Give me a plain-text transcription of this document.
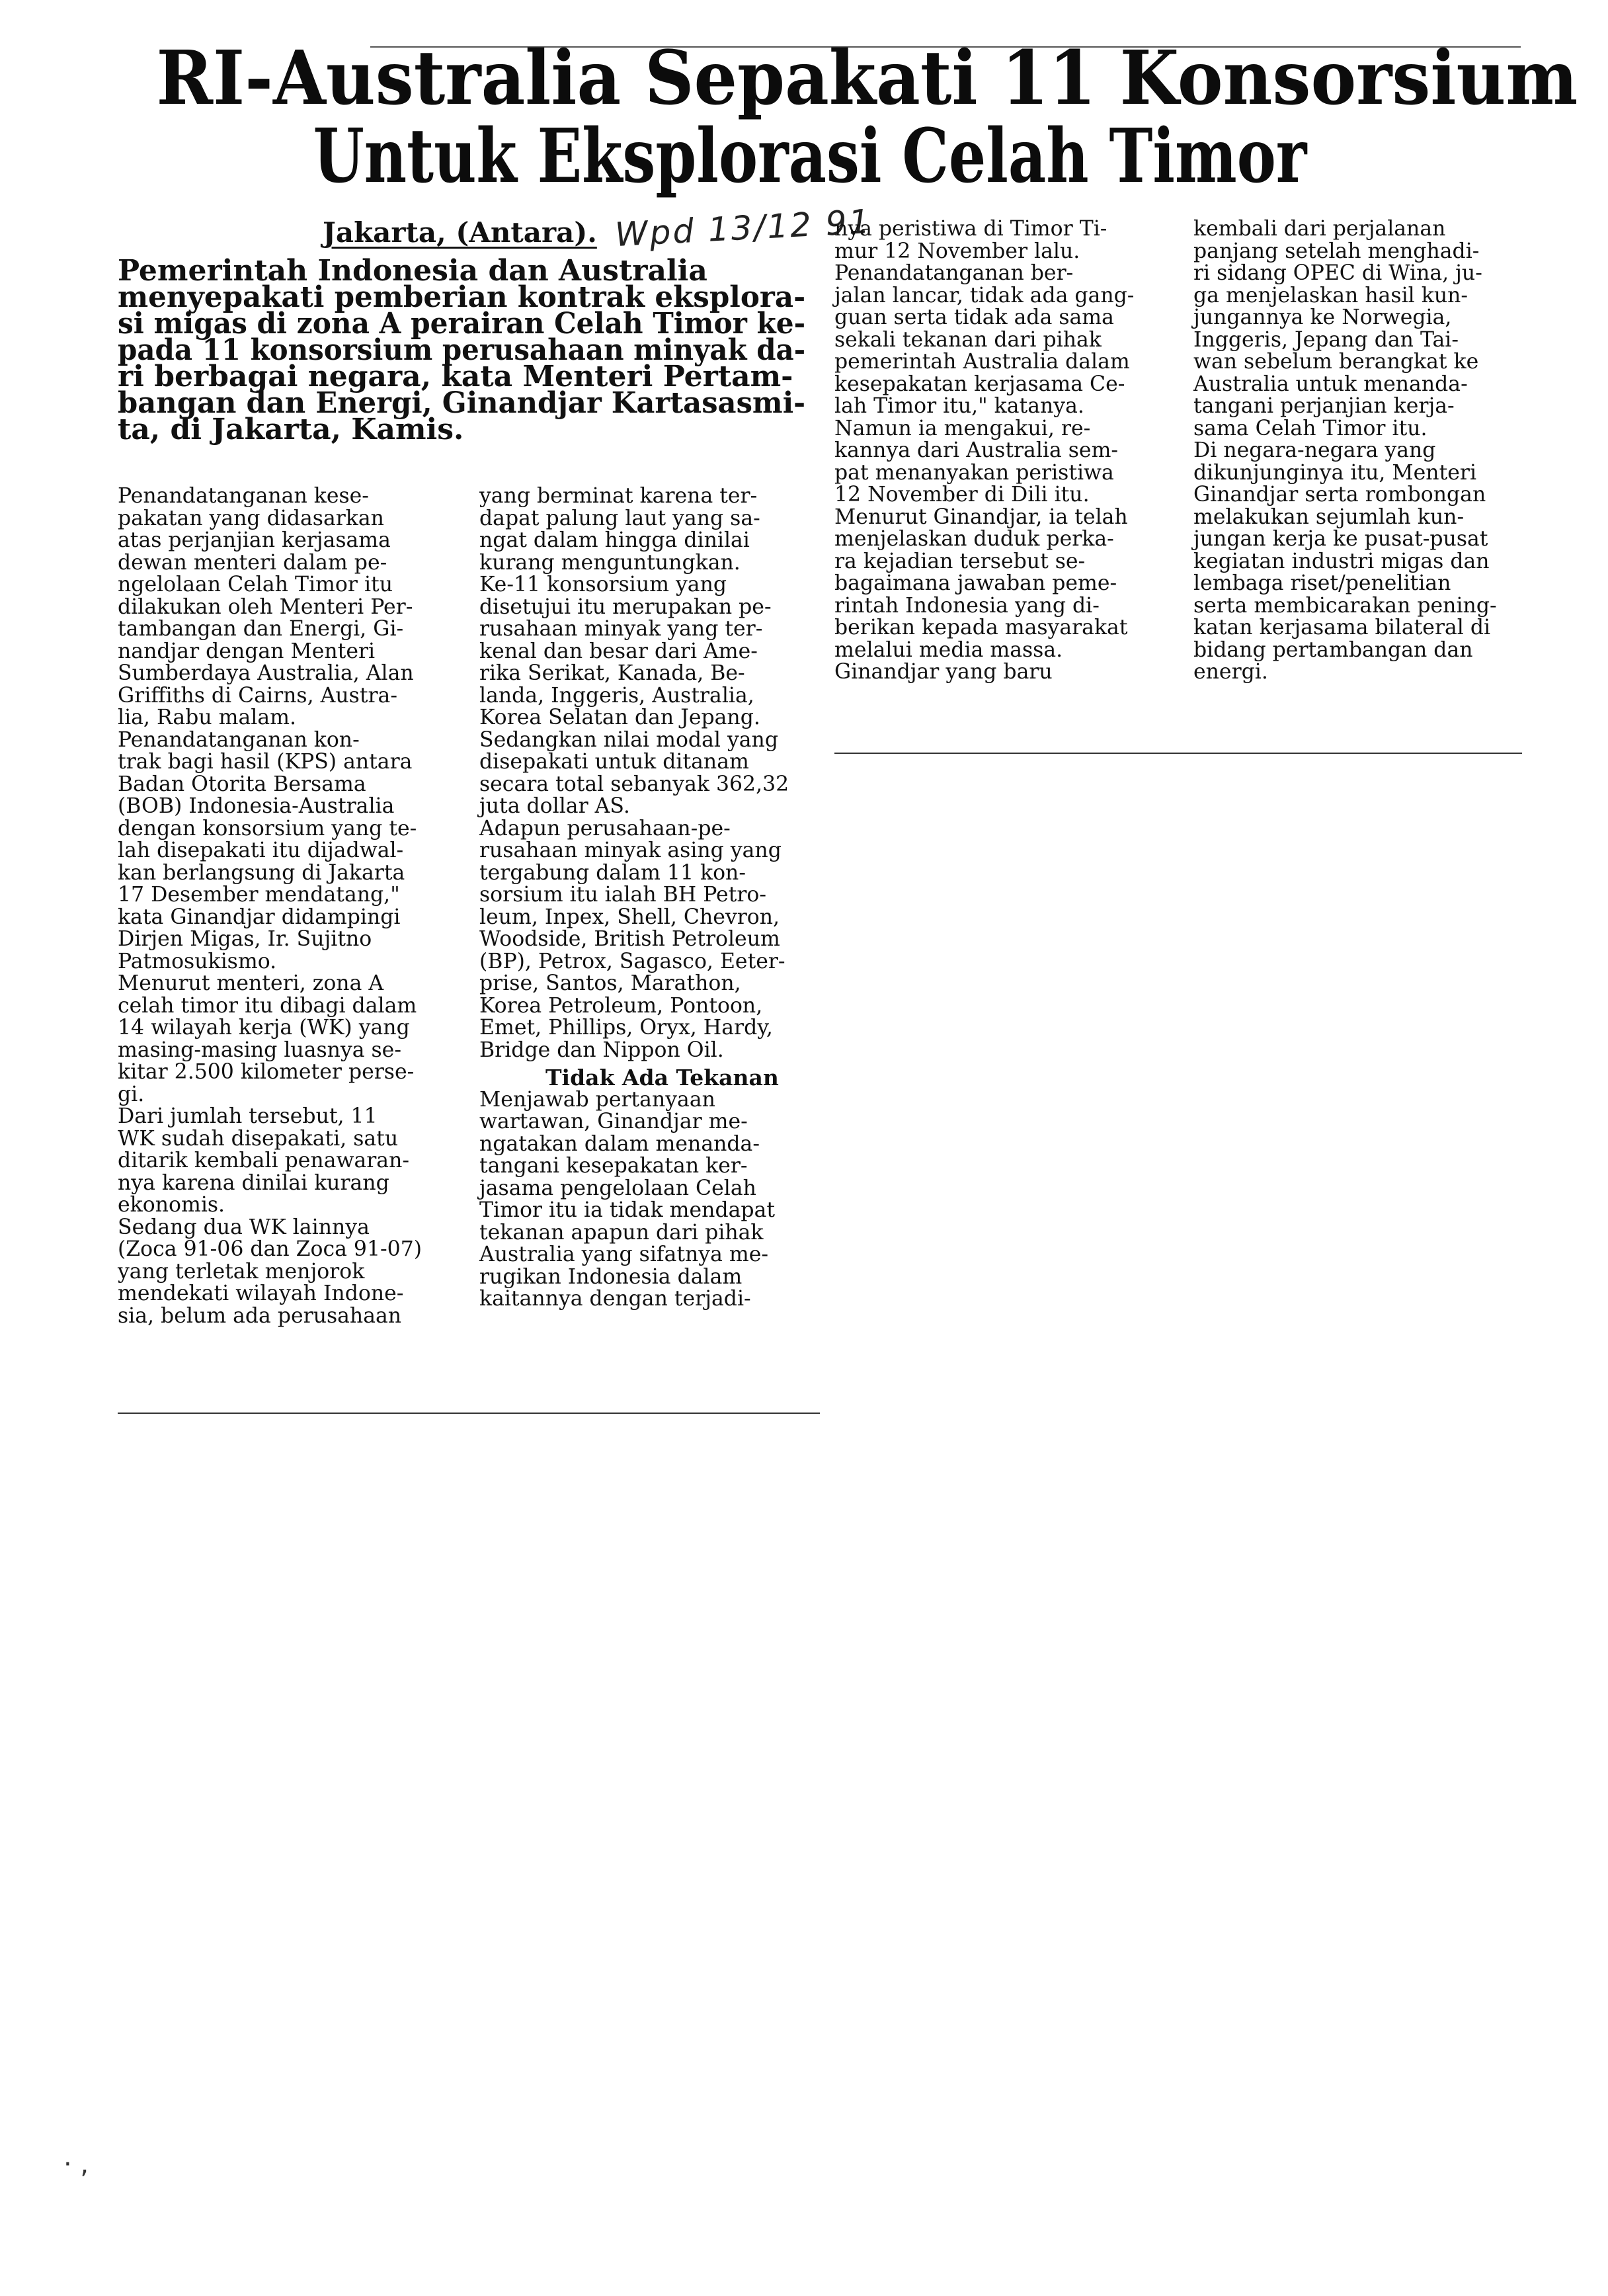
RI-Australia Sepakati 11 Konsorsium
Untuk Eksplorasi Celah Timor
Jakarta, (Antara). Wpd 13/12 91
Pemerintah Indonesia dan Australia
menyepakati pemberian kontrak eksplora-
si migas di zona A perairan Celah Timor ke-
pada 11 konsorsium perusahaan minyak da-
ri berbagai negara, kata Menteri Pertam-
bangan dan Energi, Ginandjar Kartasasmi-
ta, di Jakarta, Kamis.
Penandatanganan kese-
pakatan yang didasarkan
atas perjanjian kerjasama
dewan menteri dalam pe-
ngelolaan Celah Timor itu
dilakukan oleh Menteri Per-
tambangan dan Energi, Gi-
nandjar dengan Menteri
Sumberdaya Australia, Alan
Griffiths di Cairns, Austra-
lia, Rabu malam.
Penandatanganan kon-
trak bagi hasil (KPS) antara
Badan Otorita Bersama
(BOB) Indonesia-Australia
dengan konsorsium yang te-
lah disepakati itu dijadwal-
kan berlangsung di Jakarta
17 Desember mendatang,"
kata Ginandjar didampingi
Dirjen Migas, Ir. Sujitno
Patmosukismo.
Menurut menteri, zona A
celah timor itu dibagi dalam
14 wilayah kerja (WK) yang
masing-masing luasnya se-
kitar 2.500 kilometer perse-
gi.
Dari jumlah tersebut, 11
WK sudah disepakati, satu
ditarik kembali penawaran-
nya karena dinilai kurang
ekonomis.
Sedang dua WK lainnya
(Zoca 91-06 dan Zoca 91-07)
yang terletak menjorok
mendekati wilayah Indone-
sia, belum ada perusahaan
yang berminat karena ter-
dapat palung laut yang sa-
ngat dalam hingga dinilai
kurang menguntungkan.
Ke-11 konsorsium yang
disetujui itu merupakan pe-
rusahaan minyak yang ter-
kenal dan besar dari Ame-
rika Serikat, Kanada, Be-
landa, Inggeris, Australia,
Korea Selatan dan Jepang.
Sedangkan nilai modal yang
disepakati untuk ditanam
secara total sebanyak 362,32
juta dollar AS.
Adapun perusahaan-pe-
rusahaan minyak asing yang
tergabung dalam 11 kon-
sorsium itu ialah BH Petro-
leum, Inpex, Shell, Chevron,
Woodside, British Petroleum
(BP), Petrox, Sagasco, Eeter-
prise, Santos, Marathon,
Korea Petroleum, Pontoon,
Emet, Phillips, Oryx, Hardy,
Bridge dan Nippon Oil.
Tidak Ada Tekanan
Menjawab pertanyaan
wartawan, Ginandjar me-
ngatakan dalam menanda-
tangani kesepakatan ker-
jasama pengelolaan Celah
Timor itu ia tidak mendapat
tekanan apapun dari pihak
Australia yang sifatnya me-
rugikan Indonesia dalam
kaitannya dengan terjadi-
nya peristiwa di Timor Ti-
mur 12 November lalu.
Penandatanganan ber-
jalan lancar, tidak ada gang-
guan serta tidak ada sama
sekali tekanan dari pihak
pemerintah Australia dalam
kesepakatan kerjasama Ce-
lah Timor itu," katanya.
Namun ia mengakui, re-
kannya dari Australia sem-
pat menanyakan peristiwa
12 November di Dili itu.
Menurut Ginandjar, ia telah
menjelaskan duduk perka-
ra kejadian tersebut se-
bagaimana jawaban peme-
rintah Indonesia yang di-
berikan kepada masyarakat
melalui media massa.
Ginandjar yang baru
kembali dari perjalanan
panjang setelah menghadi-
ri sidang OPEC di Wina, ju-
ga menjelaskan hasil kun-
jungannya ke Norwegia,
Inggeris, Jepang dan Tai-
wan sebelum berangkat ke
Australia untuk menanda-
tangani perjanjian kerja-
sama Celah Timor itu.
Di negara-negara yang
dikunjunginya itu, Menteri
Ginandjar serta rombongan
melakukan sejumlah kun-
jungan kerja ke pusat-pusat
kegiatan industri migas dan
lembaga riset/penelitian
serta membicarakan pening-
katan kerjasama bilateral di
bidang pertambangan dan
energi.
· ,
